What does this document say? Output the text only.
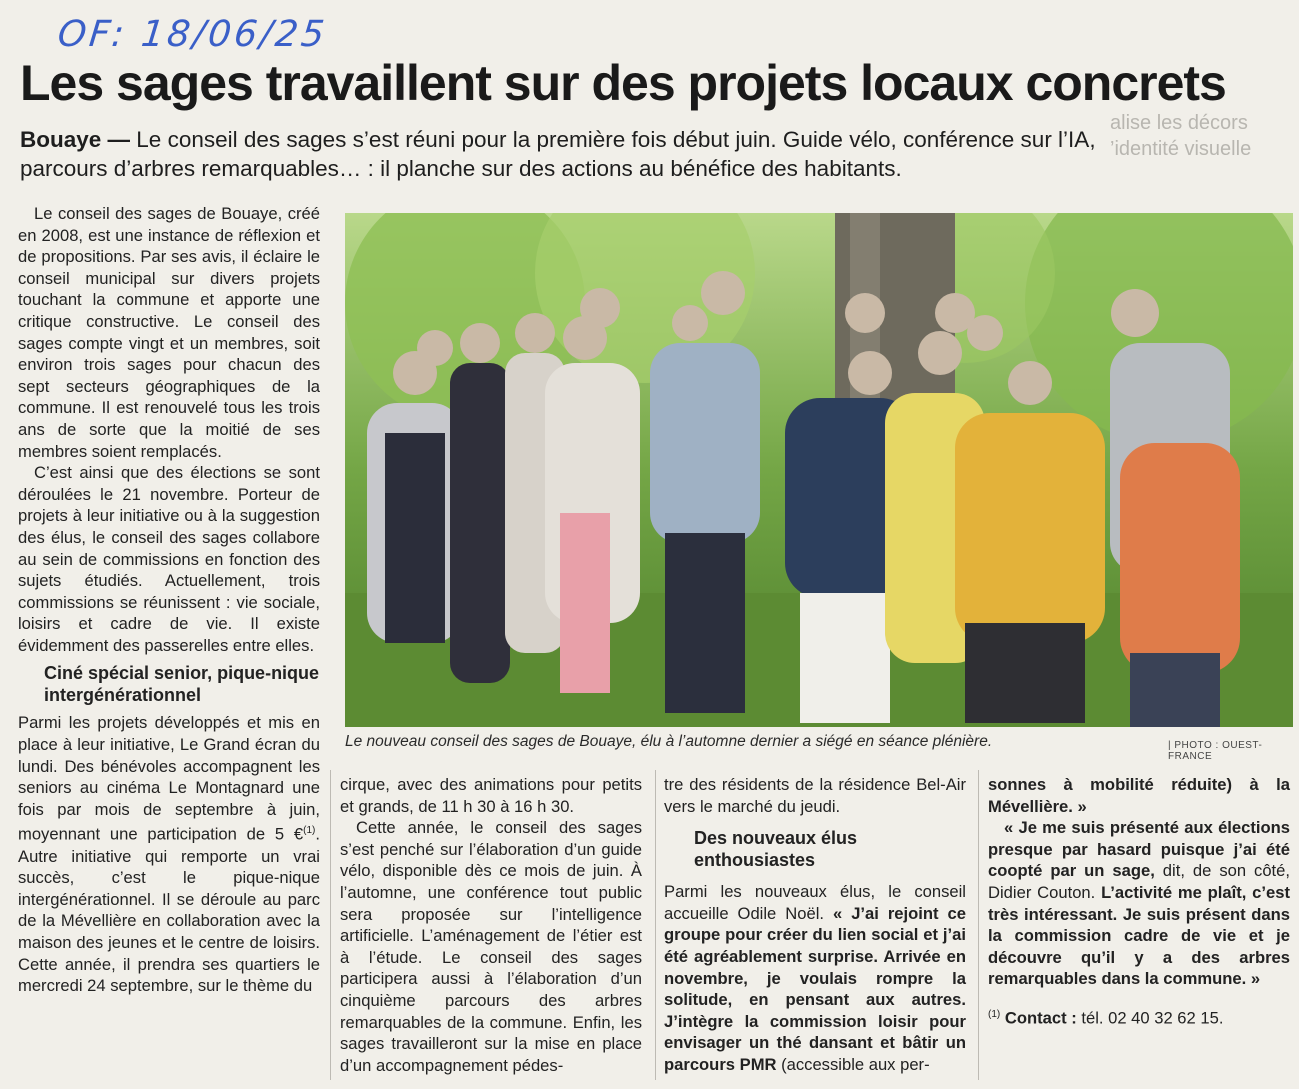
OF: 18/06/25
alise les décors
’identité visuelle
Les sages travaillent sur des projets locaux concrets
Bouaye — Le conseil des sages s’est réuni pour la première fois début juin. Guide vélo, conférence sur l’IA, parcours d’arbres remarquables… : il planche sur des actions au bénéfice des habitants.

Le conseil des sages de Bouaye, créé en 2008, est une instance de réflexion et de propositions. Par ses avis, il éclaire le conseil municipal sur divers projets touchant la commune et apporte une critique constructive. Le conseil des sages compte vingt et un membres, soit environ trois sages pour chacun des sept secteurs géographiques de la commune. Il est renouvelé tous les trois ans de sorte que la moitié de ses membres soient remplacés.

C’est ainsi que des élections se sont déroulées le 21 novembre. Porteur de projets à leur initiative ou à la suggestion des élus, le conseil des sages collabore au sein de commissions en fonction des sujets étudiés. Actuellement, trois commissions se réunissent : vie sociale, loisirs et cadre de vie. Il existe évidemment des passerelles entre elles.

Ciné spécial senior, pique-nique intergénérationnel

Parmi les projets développés et mis en place à leur initiative, Le Grand écran du lundi. Des bénévoles accompagnent les seniors au cinéma Le Montagnard une fois par mois de septembre à juin, moyennant une participation de 5 €$^{(1)}$. Autre initiative qui remporte un vrai succès, c’est le pique-nique intergénérationnel. Il se déroule au parc de la Mévellière en collaboration avec la maison des jeunes et le centre de loisirs. Cette année, il prendra ses quartiers le mercredi 24 septembre, sur le thème du

Le nouveau conseil des sages de Bouaye, élu à l’automne dernier a siégé en séance plénière.	| PHOTO : OUEST-FRANCE

cirque, avec des animations pour petits et grands, de 11 h 30 à 16 h 30.

Cette année, le conseil des sages s’est penché sur l’élaboration d’un guide vélo, disponible dès ce mois de juin. À l’automne, une conférence tout public sera proposée sur l’intelligence artificielle. L’aménagement de l’étier est à l’étude. Le conseil des sages participera aussi à l’élaboration d’un cinquième parcours des arbres remarquables de la commune. Enfin, les sages travailleront sur la mise en place d’un accompagnement pédes-

tre des résidents de la résidence Bel-Air vers le marché du jeudi.

Des nouveaux élus enthousiastes

Parmi les nouveaux élus, le conseil accueille Odile Noël. « J’ai rejoint ce groupe pour créer du lien social et j’ai été agréablement surprise. Arrivée en novembre, je voulais rompre la solitude, en pensant aux autres. J’intègre la commission loisir pour envisager un thé dansant et bâtir un parcours PMR (accessible aux per-

sonnes à mobilité réduite) à la Mévellière. »

« Je me suis présenté aux élections presque par hasard puisque j’ai été coopté par un sage, dit, de son côté, Didier Couton. L’activité me plaît, c’est très intéressant. Je suis présent dans la commission cadre de vie et je découvre qu’il y a des arbres remarquables dans la commune. »

$^{(1)}$ Contact : tél. 02 40 32 62 15.
